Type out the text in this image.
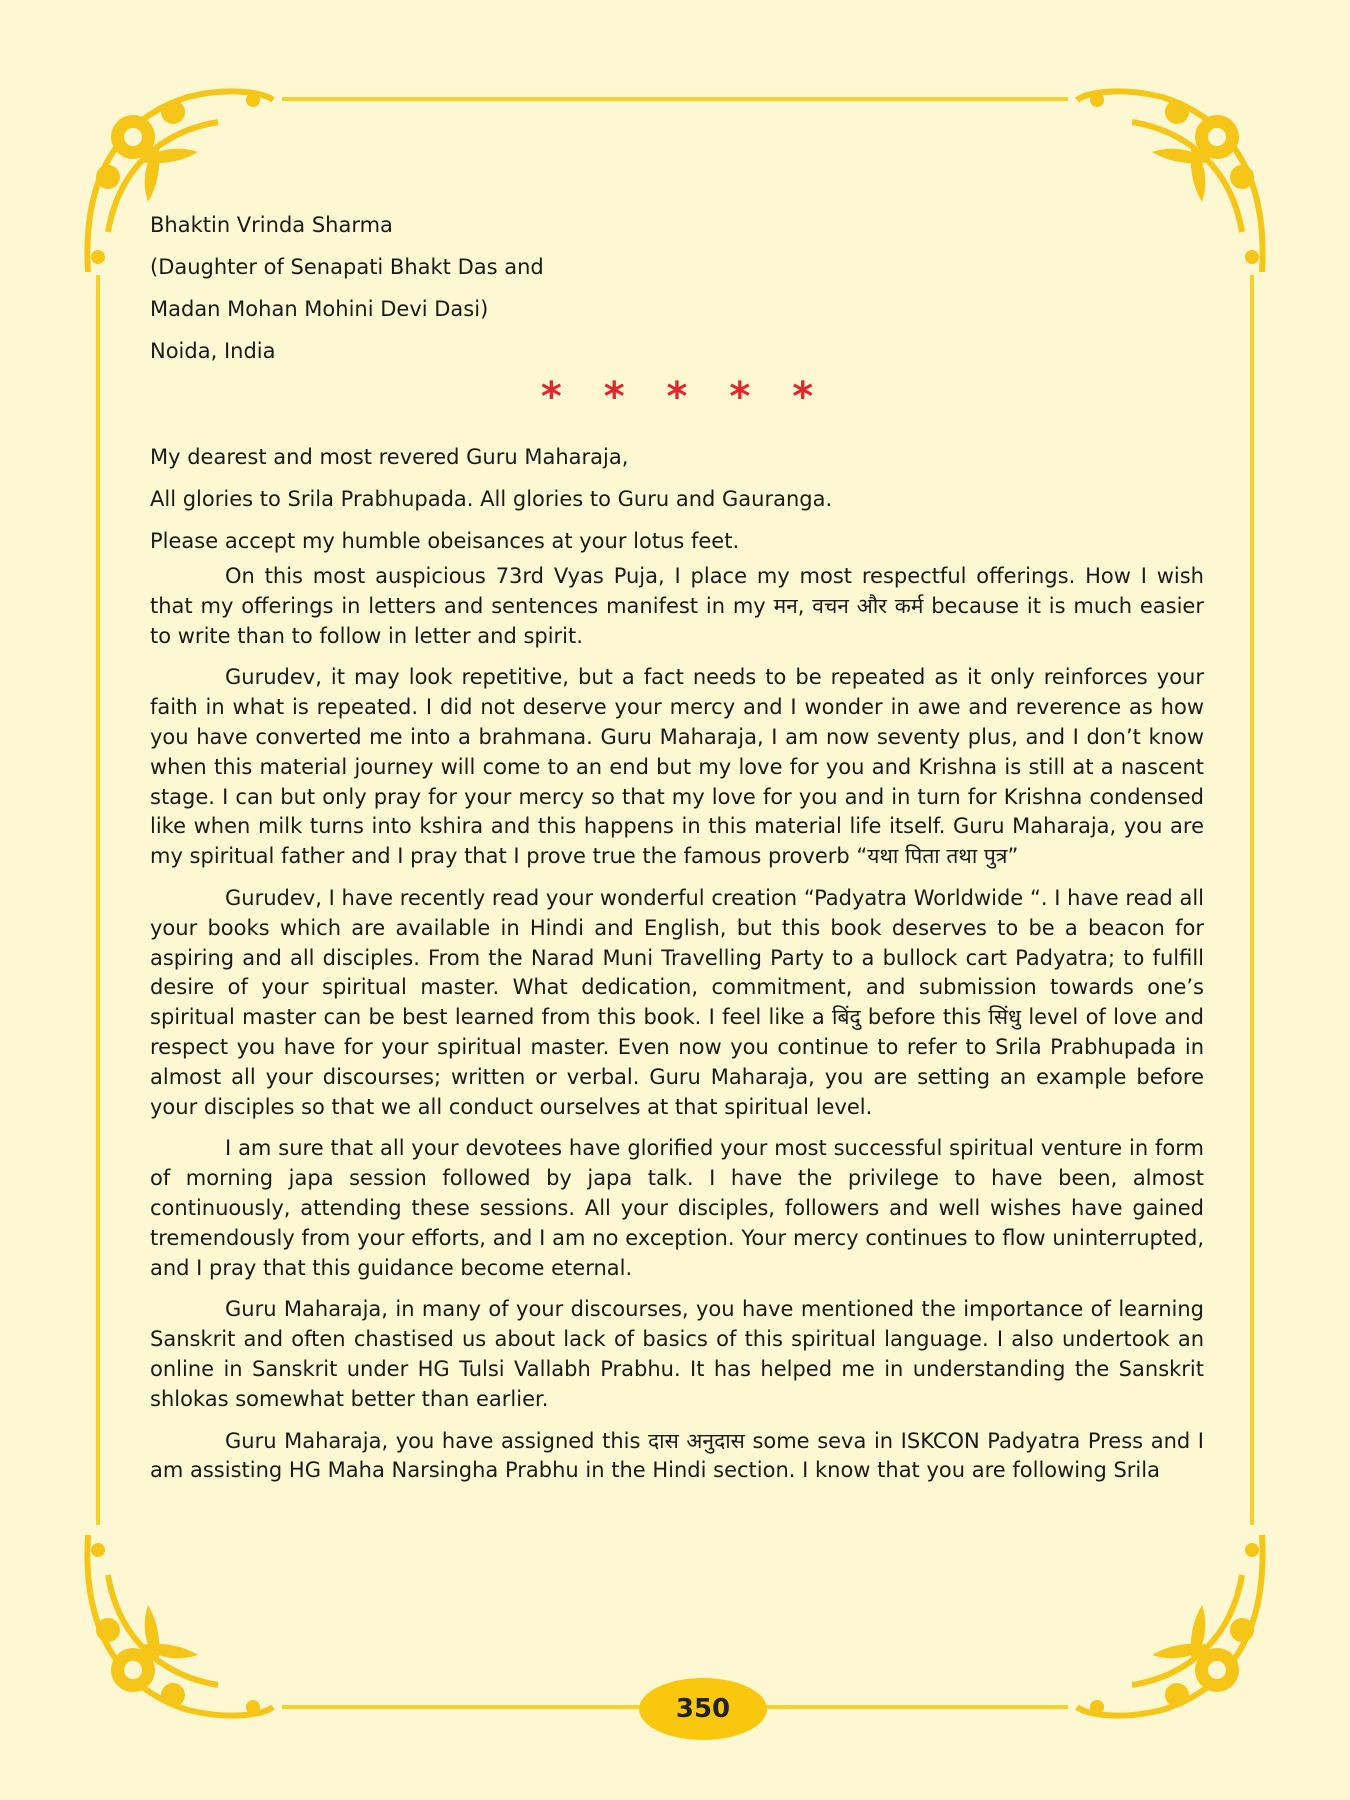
Bhaktin Vrinda Sharma

(Daughter of Senapati Bhakt Das and

Madan Mohan Mohini Devi Dasi)

Noida, India

* * * * *

My dearest and most revered Guru Maharaja,

All glories to Srila Prabhupada. All glories to Guru and Gauranga.

Please accept my humble obeisances at your lotus feet.

On this most auspicious 73rd Vyas Puja, I place my most respectful offerings. How I wish that my offerings in letters and sentences manifest in my मन, वचन और कर्म because it is much easier to write than to follow in letter and spirit.

Gurudev, it may look repetitive, but a fact needs to be repeated as it only reinforces your faith in what is repeated. I did not deserve your mercy and I wonder in awe and reverence as how you have converted me into a brahmana. Guru Maharaja, I am now seventy plus, and I don’t know when this material journey will come to an end but my love for you and Krishna is still at a nascent stage. I can but only pray for your mercy so that my love for you and in turn for Krishna condensed like when milk turns into kshira and this happens in this material life itself. Guru Maharaja, you are my spiritual father and I pray that I prove true the famous proverb “यथा पिता तथा पुत्र”

Gurudev, I have recently read your wonderful creation “Padyatra Worldwide “. I have read all your books which are available in Hindi and English, but this book deserves to be a beacon for aspiring and all disciples. From the Narad Muni Travelling Party to a bullock cart Padyatra; to fulfill desire of your spiritual master. What dedication, commitment, and submission towards one’s spiritual master can be best learned from this book. I feel like a बिंदु before this सिंधु level of love and respect you have for your spiritual master. Even now you continue to refer to Srila Prabhupada in almost all your discourses; written or verbal. Guru Maharaja, you are setting an example before your disciples so that we all conduct ourselves at that spiritual level.

I am sure that all your devotees have glorified your most successful spiritual venture in form of morning japa session followed by japa talk. I have the privilege to have been, almost continuously, attending these sessions. All your disciples, followers and well wishes have gained tremendously from your efforts, and I am no exception. Your mercy continues to flow uninterrupted, and I pray that this guidance become eternal.

Guru Maharaja, in many of your discourses, you have mentioned the importance of learning Sanskrit and often chastised us about lack of basics of this spiritual language. I also undertook an online in Sanskrit under HG Tulsi Vallabh Prabhu. It has helped me in understanding the Sanskrit shlokas somewhat better than earlier.

Guru Maharaja, you have assigned this दास अनुदास some seva in ISKCON Padyatra Press and I am assisting HG Maha Narsingha Prabhu in the Hindi section. I know that you are following Srila

350
